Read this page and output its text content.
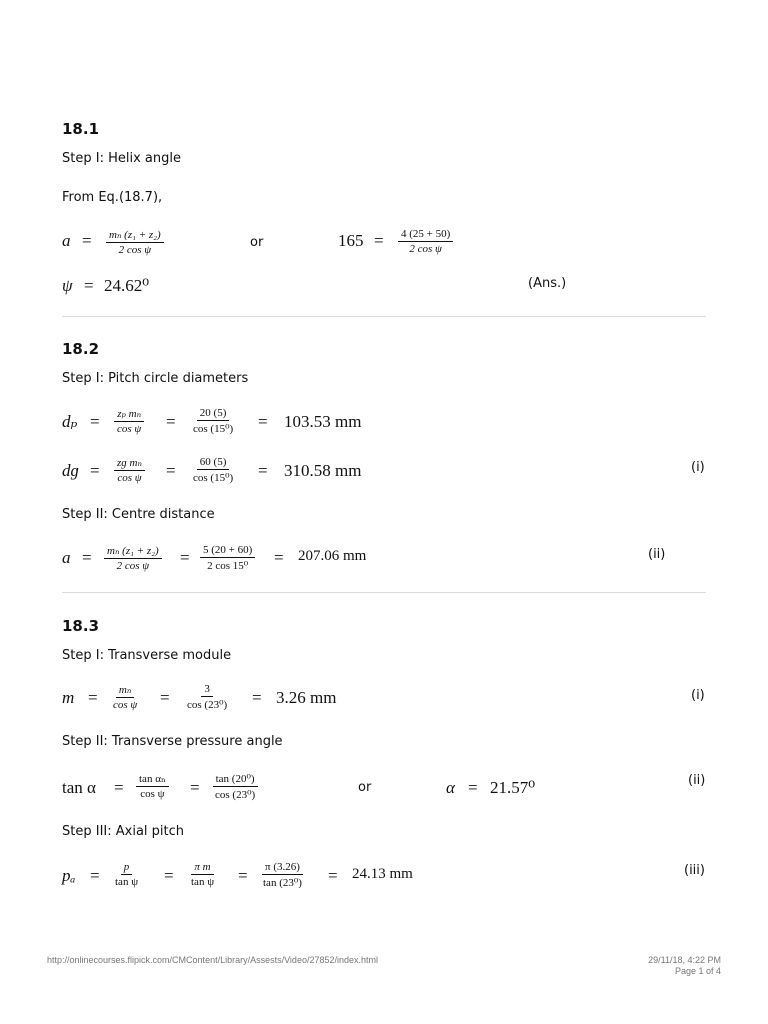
18.1
Step I: Helix angle
From Eq.(18.7),
$a = \frac{\text{mₙ (z₁ + z₂)}}{\text{2 cos ψ}}$	or	$165 = \frac{4 (25 + 50)}{\text{2 cos ψ}}$
ψ = 24.62⁰	(Ans.)
18.2
Step I: Pitch circle diameters
$d_p = \frac{\text{zₚ mₙ}}{\text{cos ψ}} = \frac{20 (5)}{\text{cos (15⁰)}} = 103.53$ mm
dɡ = $\frac{\text{zɡ mₙ}}{\text{cos ψ}} = \frac{60 (5)}{\text{cos (15⁰)}} = 310.58$ mm	(i)
Step II: Centre distance
$a = \frac{\text{mₙ (z₁ + z₂)}}{\text{2 cos ψ}} = \frac{5 (20 + 60)}{\text{2 cos 15⁰}} = 207.06$ mm	(ii)
18.3
Step I: Transverse module
$m = \frac{\text{mₙ}}{\text{cos ψ}} = \frac{3}{\text{cos (23⁰)}} = 3.26$ mm	(i)
Step II: Transverse pressure angle
$\tan \alpha = \frac{\text{tan αₙ}}{\text{cos ψ}} = \frac{\text{tan (20⁰)}}{\text{cos (23⁰)}}$	or	α = 21.57⁰	(ii)
Step III: Axial pitch
$p_a = \frac{p}{\text{tan ψ}} = \frac{\text{π m}}{\text{tan ψ}} = \frac{\pi (3.26)}{\text{tan (23⁰)}} = 24.13$ mm	(iii)
http://onlinecourses.flipick.com/CMContent/Library/Assests/Video/27852/index.html	29/11/18, 4:22 PM
Page 1 of 4
